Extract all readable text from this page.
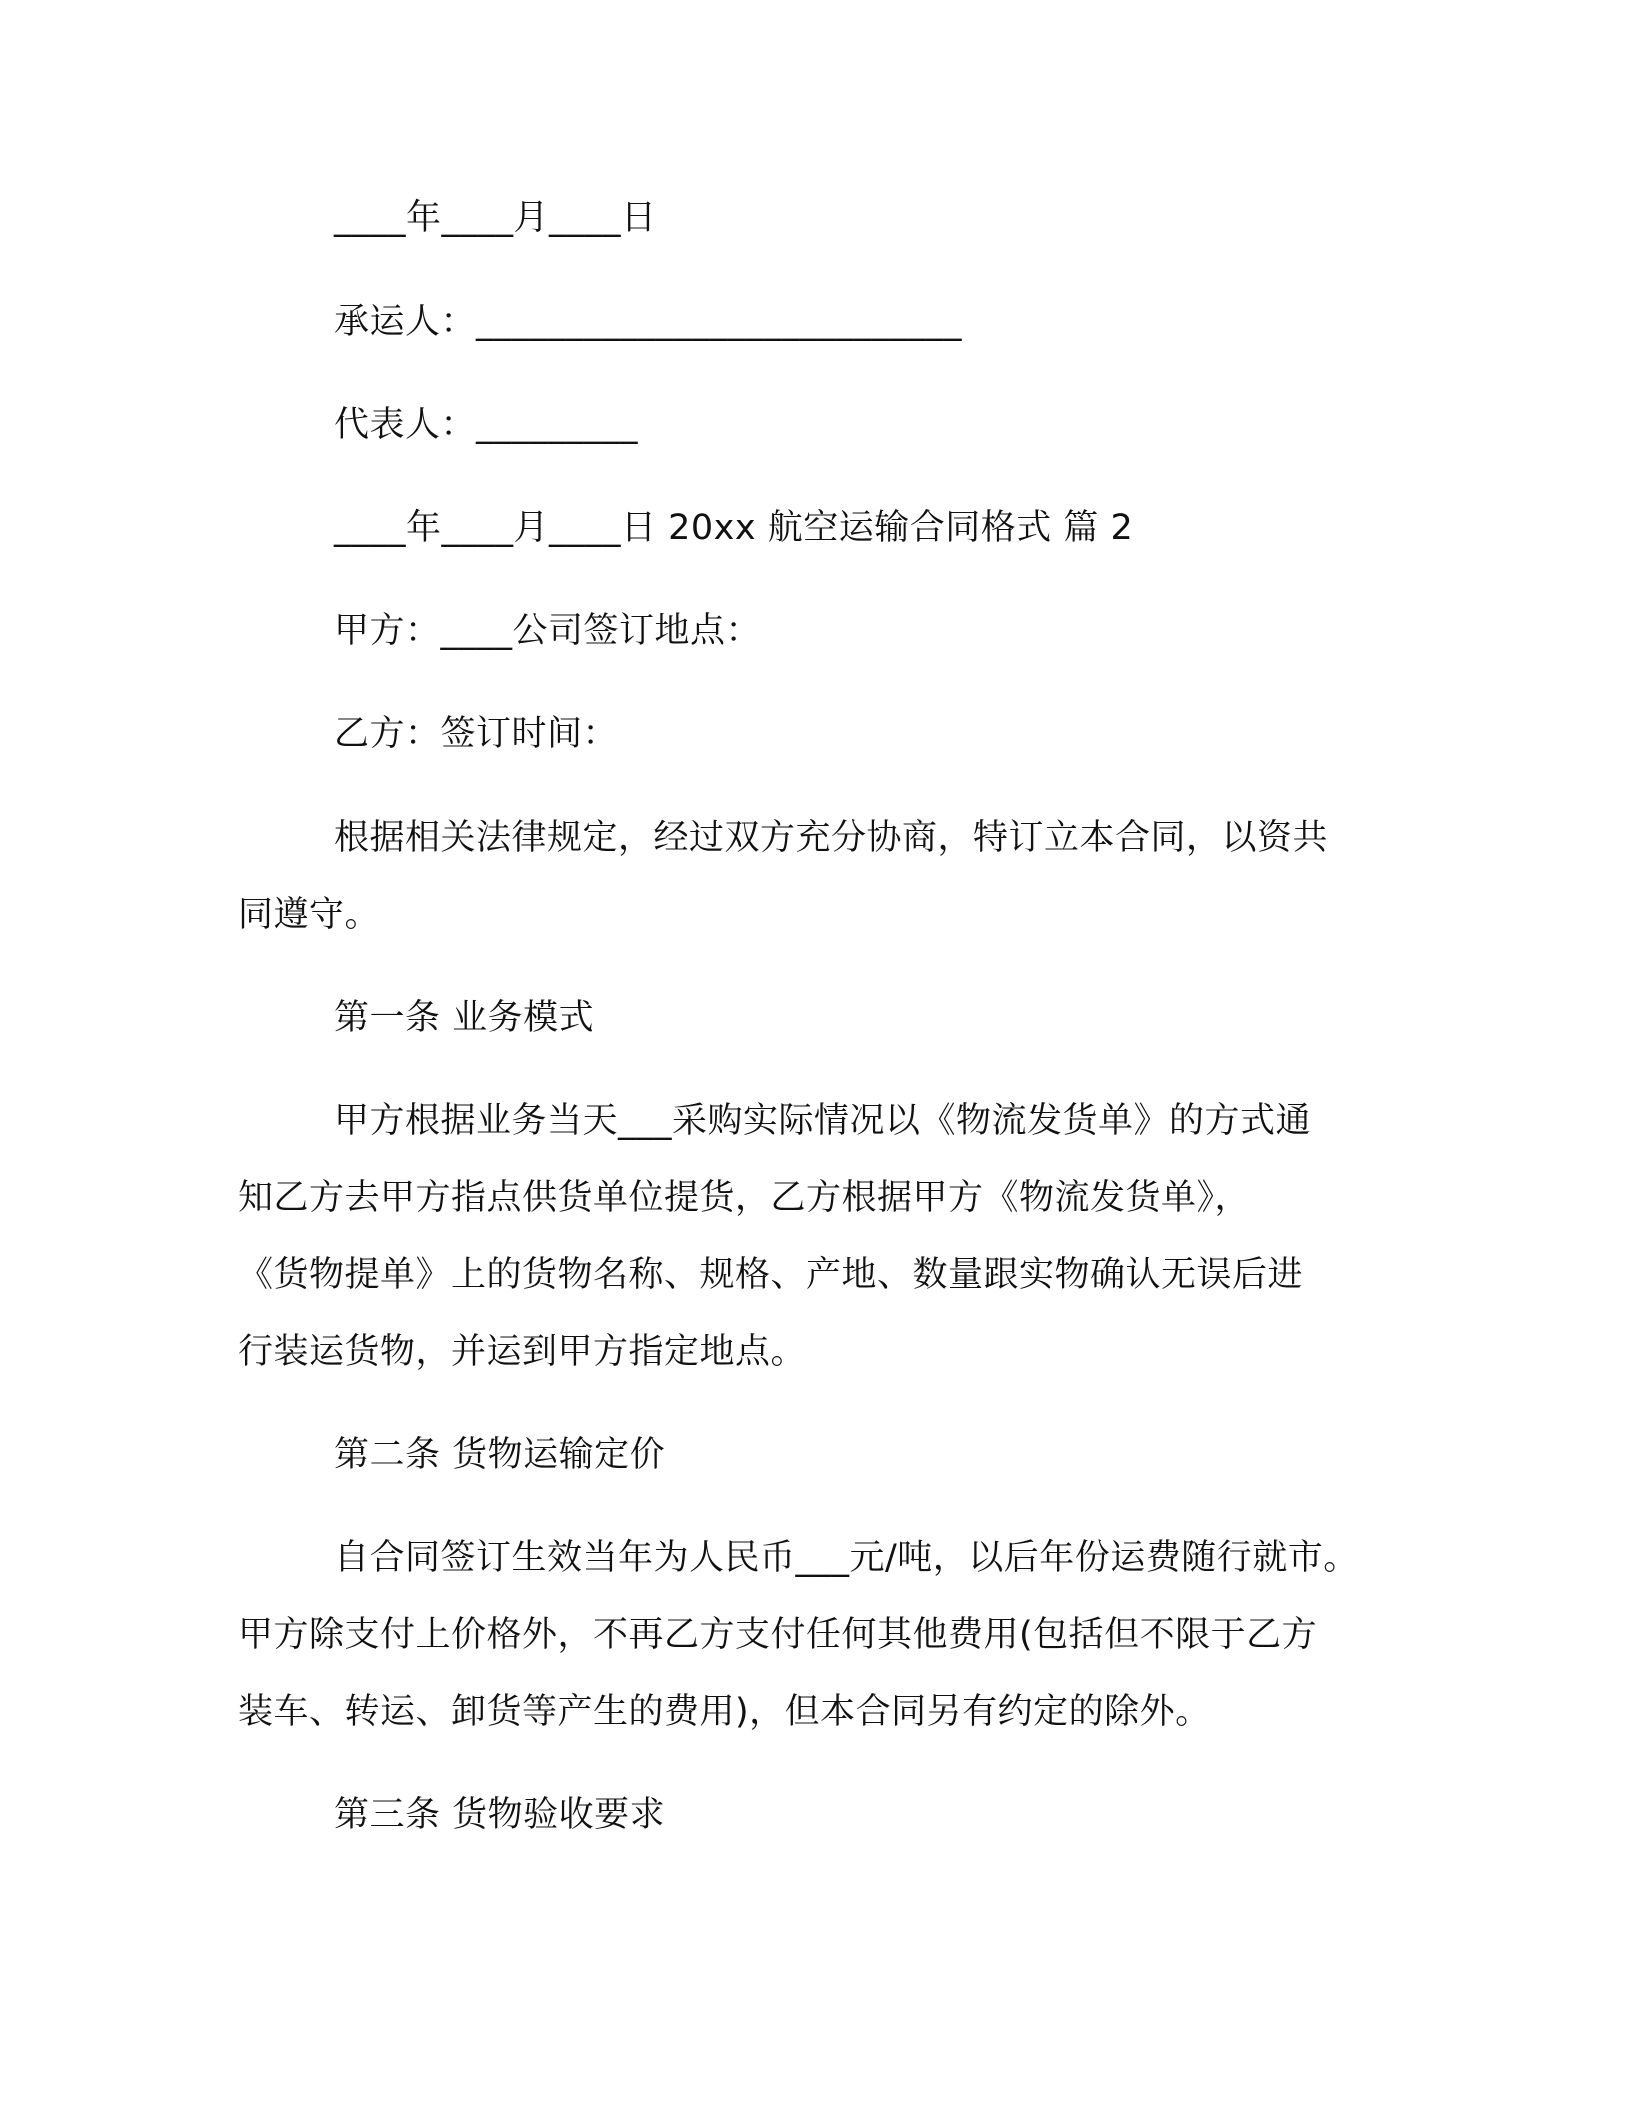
____年____月____日
承运人：___________________________
代表人：_________
____年____月____日 20xx 航空运输合同格式 篇 2
甲方：____公司签订地点：
乙方：签订时间：
根据相关法律规定，经过双方充分协商，特订立本合同，以资共
同遵守。
第一条 业务模式
甲方根据业务当天___采购实际情况以《物流发货单》的方式通
知乙方去甲方指点供货单位提货，乙方根据甲方《物流发货单》，
《货物提单》上的货物名称、规格、产地、数量跟实物确认无误后进
行装运货物，并运到甲方指定地点。
第二条 货物运输定价
自合同签订生效当年为人民币___元/吨，以后年份运费随行就市。
甲方除支付上价格外，不再乙方支付任何其他费用(包括但不限于乙方
装车、转运、卸货等产生的费用)，但本合同另有约定的除外。
第三条 货物验收要求
